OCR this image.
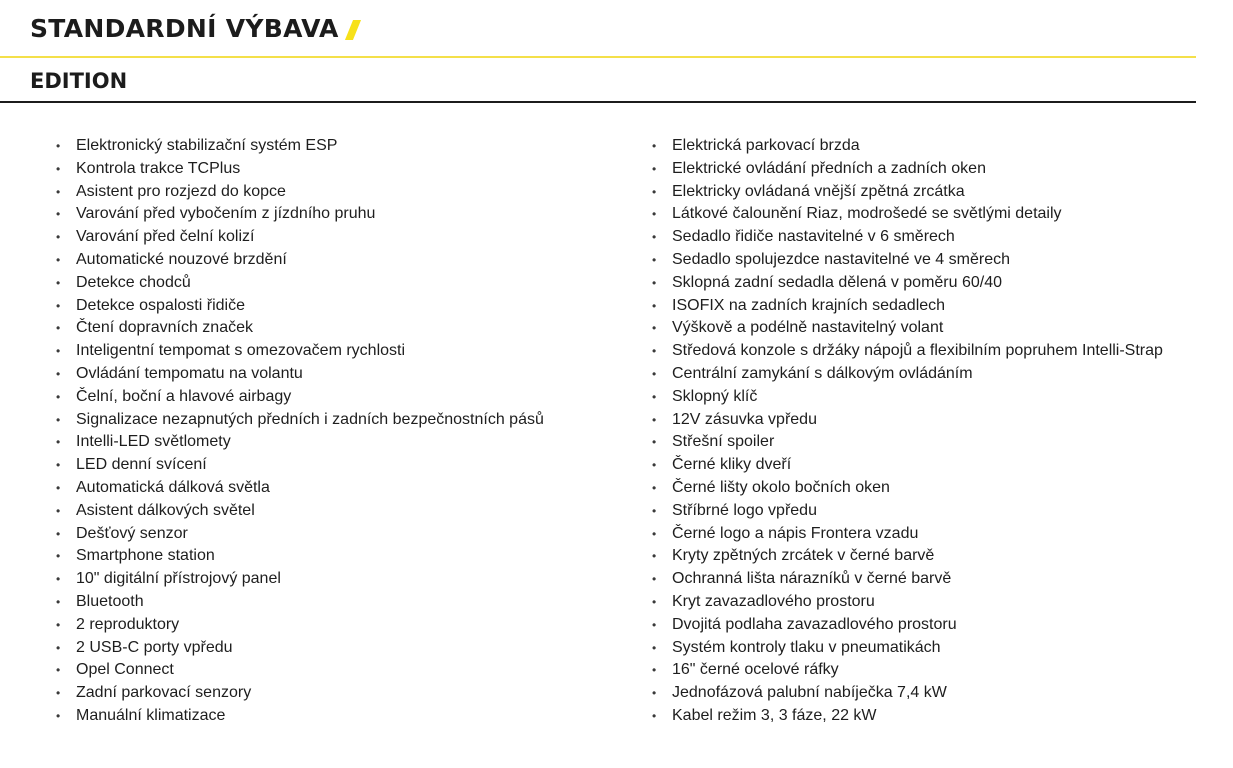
STANDARDNÍ VÝBAVA
EDITION
• Elektronický stabilizační systém ESP
• Kontrola trakce TCPlus
• Asistent pro rozjezd do kopce
• Varování před vybočením z jízdního pruhu
• Varování před čelní kolizí
• Automatické nouzové brzdění
• Detekce chodců
• Detekce ospalosti řidiče
• Čtení dopravních značek
• Inteligentní tempomat s omezovačem rychlosti
• Ovládání tempomatu na volantu
• Čelní, boční a hlavové airbagy
• Signalizace nezapnutých předních i zadních bezpečnostních pásů
• Intelli-LED světlomety
• LED denní svícení
• Automatická dálková světla
• Asistent dálkových světel
• Dešťový senzor
• Smartphone station
• 10" digitální přístrojový panel
• Bluetooth
• 2 reproduktory
• 2 USB-C porty vpředu
• Opel Connect
• Zadní parkovací senzory
• Manuální klimatizace
• Elektrická parkovací brzda
• Elektrické ovládání předních a zadních oken
• Elektricky ovládaná vnější zpětná zrcátka
• Látkové čalounění Riaz, modrošedé se světlými detaily
• Sedadlo řidiče nastavitelné v 6 směrech
• Sedadlo spolujezdce nastavitelné ve 4 směrech
• Sklopná zadní sedadla dělená v poměru 60/40
• ISOFIX na zadních krajních sedadlech
• Výškově a podélně nastavitelný volant
• Středová konzole s držáky nápojů a flexibilním popruhem Intelli-Strap
• Centrální zamykání s dálkovým ovládáním
• Sklopný klíč
• 12V zásuvka vpředu
• Střešní spoiler
• Černé kliky dveří
• Černé lišty okolo bočních oken
• Stříbrné logo vpředu
• Černé logo a nápis Frontera vzadu
• Kryty zpětných zrcátek v černé barvě
• Ochranná lišta nárazníků v černé barvě
• Kryt zavazadlového prostoru
• Dvojitá podlaha zavazadlového prostoru
• Systém kontroly tlaku v pneumatikách
• 16" černé ocelové ráfky
• Jednofázová palubní nabíječka 7,4 kW
• Kabel režim 3, 3 fáze, 22 kW
